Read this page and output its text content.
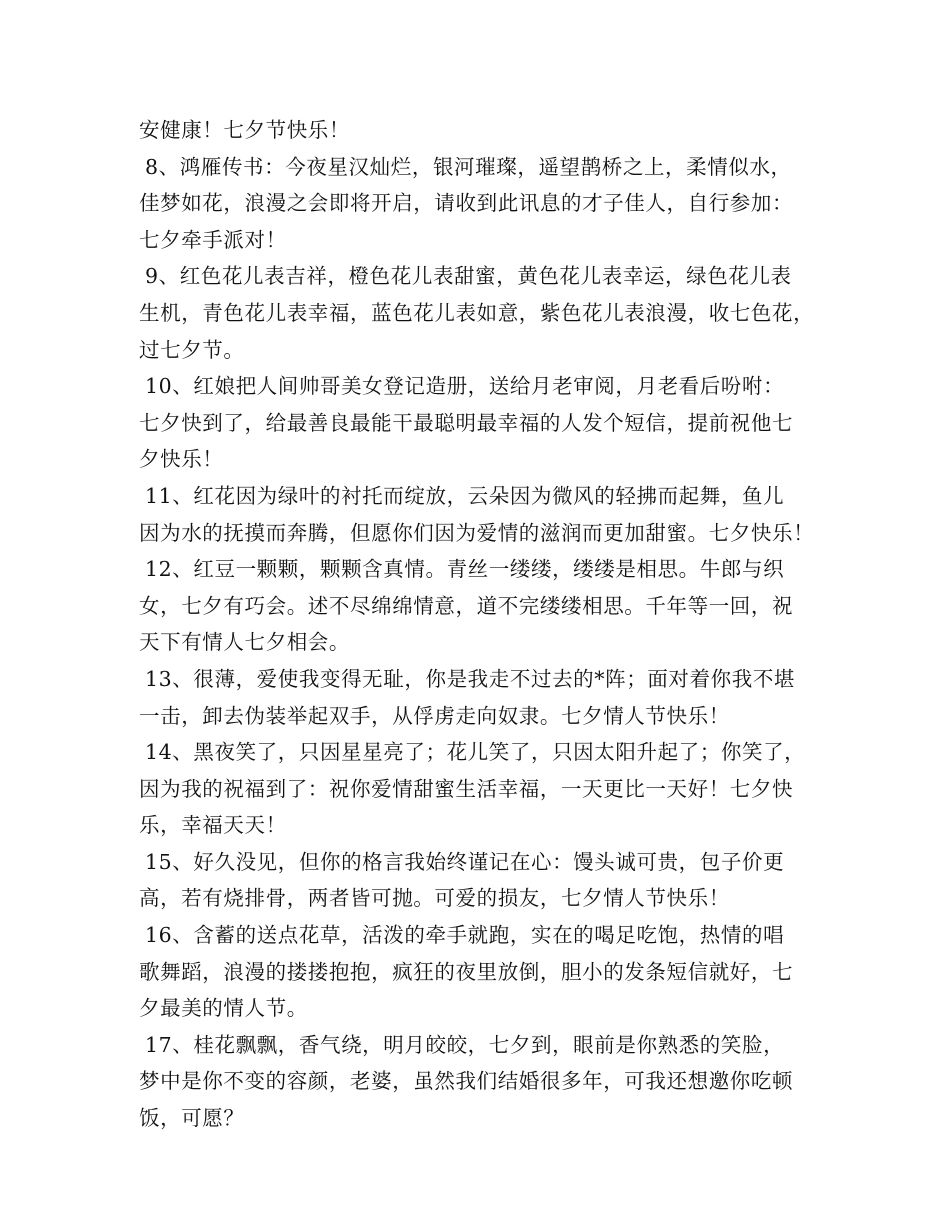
安健康！七夕节快乐！
8、鸿雁传书：今夜星汉灿烂，银河璀璨，遥望鹊桥之上，柔情似水，
佳梦如花，浪漫之会即将开启，请收到此讯息的才子佳人，自行参加：
七夕牵手派对！
9、红色花儿表吉祥，橙色花儿表甜蜜，黄色花儿表幸运，绿色花儿表
生机，青色花儿表幸福，蓝色花儿表如意，紫色花儿表浪漫，收七色花，
过七夕节。
10、红娘把人间帅哥美女登记造册，送给月老审阅，月老看后吩咐：
七夕快到了，给最善良最能干最聪明最幸福的人发个短信，提前祝他七
夕快乐！
11、红花因为绿叶的衬托而绽放，云朵因为微风的轻拂而起舞，鱼儿
因为水的抚摸而奔腾，但愿你们因为爱情的滋润而更加甜蜜。七夕快乐！
12、红豆一颗颗，颗颗含真情。青丝一缕缕，缕缕是相思。牛郎与织
女，七夕有巧会。述不尽绵绵情意，道不完缕缕相思。千年等一回，祝
天下有情人七夕相会。
13、很薄，爱使我变得无耻，你是我走不过去的*阵；面对着你我不堪
一击，卸去伪装举起双手，从俘虏走向奴隶。七夕情人节快乐！
14、黑夜笑了，只因星星亮了；花儿笑了，只因太阳升起了；你笑了，
因为我的祝福到了：祝你爱情甜蜜生活幸福，一天更比一天好！七夕快
乐，幸福天天！
15、好久没见，但你的格言我始终谨记在心：馒头诚可贵，包子价更
高，若有烧排骨，两者皆可抛。可爱的损友，七夕情人节快乐！
16、含蓄的送点花草，活泼的牵手就跑，实在的喝足吃饱，热情的唱
歌舞蹈，浪漫的搂搂抱抱，疯狂的夜里放倒，胆小的发条短信就好，七
夕最美的情人节。
17、桂花飘飘，香气绕，明月皎皎，七夕到，眼前是你熟悉的笑脸，
梦中是你不变的容颜，老婆，虽然我们结婚很多年，可我还想邀你吃顿
饭，可愿？
